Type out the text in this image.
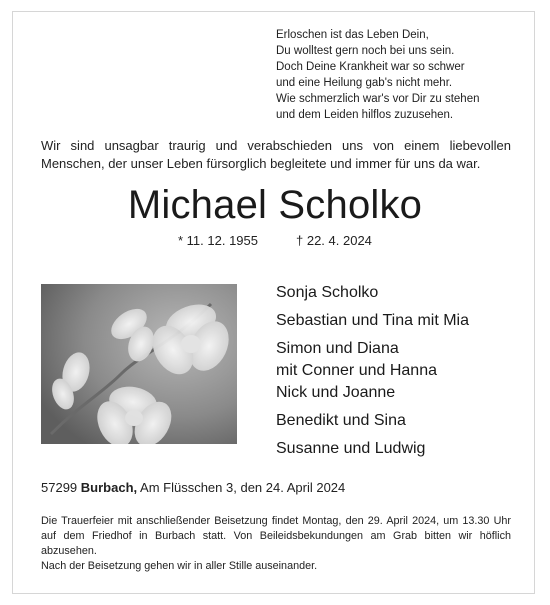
Erloschen ist das Leben Dein,
Du wolltest gern noch bei uns sein.
Doch Deine Krankheit war so schwer
und eine Heilung gab's nicht mehr.
Wie schmerzlich war's vor Dir zu stehen
und dem Leiden hilflos zuzusehen.
Wir sind unsagbar traurig und verabschieden uns von einem liebevollen Menschen, der unser Leben fürsorglich begleitete und immer für uns da war.
Michael Scholko
* 11. 12. 1955	† 22. 4. 2024
Sonja Scholko
Sebastian und Tina mit Mia
Simon und Diana
mit Conner und Hanna
Nick und Joanne
Benedikt und Sina
Susanne und Ludwig
57299 Burbach, Am Flüsschen 3, den 24. April 2024
Die Trauerfeier mit anschließender Beisetzung findet Montag, den 29. April 2024, um 13.30 Uhr auf dem Friedhof in Burbach statt. Von Beileidsbekundungen am Grab bitten wir höflich abzusehen.
Nach der Beisetzung gehen wir in aller Stille auseinander.
